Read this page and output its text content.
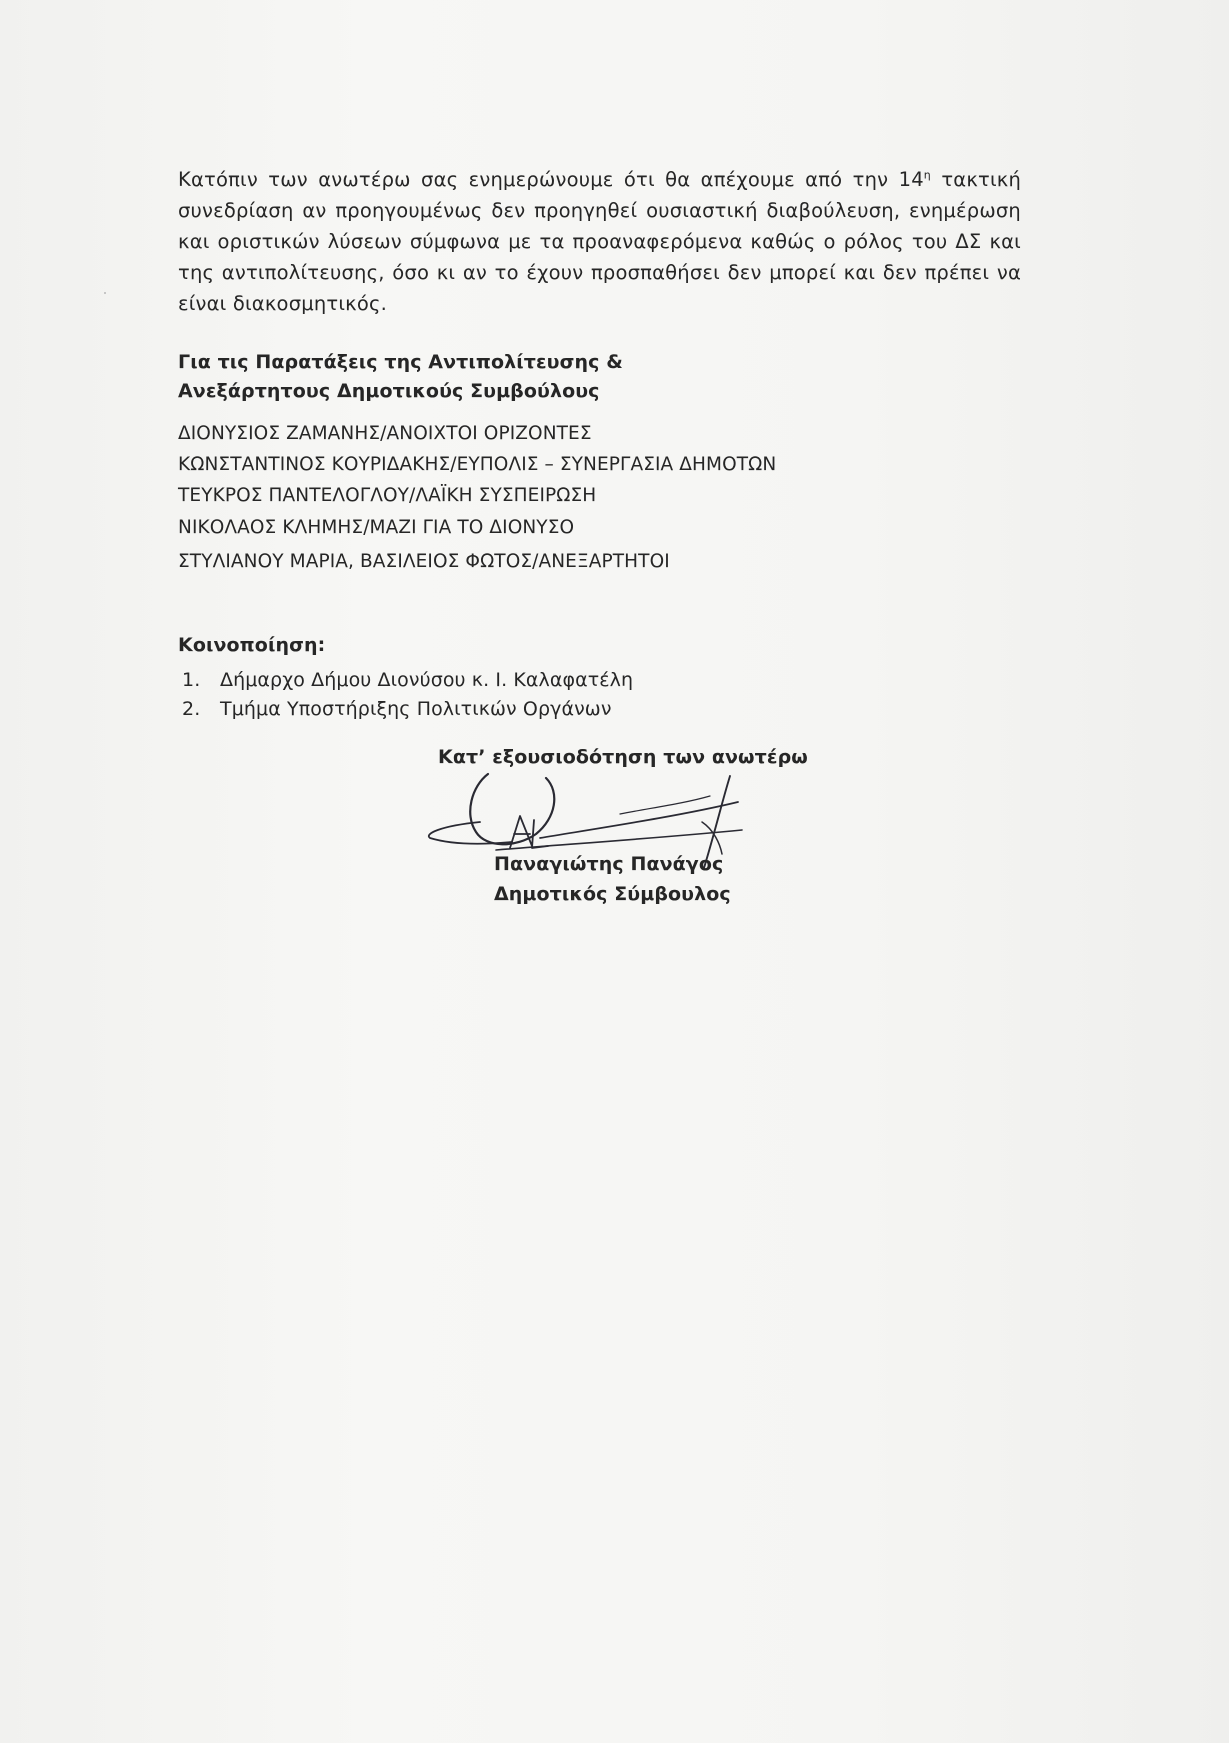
Κατόπιν των ανωτέρω σας ενημερώνουμε ότι θα απέχουμε από την $14^\eta$ τακτική συνεδρίαση αν προηγουμένως δεν προηγηθεί ουσιαστική διαβούλευση, ενημέρωση και οριστικών λύσεων σύμφωνα με τα προαναφερόμενα καθώς ο ρόλος του ΔΣ και της αντιπολίτευσης, όσο κι αν το έχουν προσπαθήσει δεν μπορεί και δεν πρέπει να είναι διακοσμητικός.

Για τις Παρατάξεις της Αντιπολίτευσης &

Ανεξάρτητους Δημοτικούς Συμβούλους

ΔΙΟΝΥΣΙΟΣ ΖΑΜΑΝΗΣ/ΑΝΟΙΧΤΟΙ ΟΡΙΖΟΝΤΕΣ

ΚΩΝΣΤΑΝΤΙΝΟΣ ΚΟΥΡΙΔΑΚΗΣ/ΕΥΠΟΛΙΣ – ΣΥΝΕΡΓΑΣΙΑ ΔΗΜΟΤΩΝ

ΤΕΥΚΡΟΣ ΠΑΝΤΕΛΟΓΛΟΥ/ΛΑΪΚΗ ΣΥΣΠΕΙΡΩΣΗ

ΝΙΚΟΛΑΟΣ ΚΛΗΜΗΣ/ΜΑΖΙ ΓΙΑ ΤΟ ΔΙΟΝΥΣΟ

ΣΤΥΛΙΑΝΟΥ ΜΑΡΙΑ, ΒΑΣΙΛΕΙΟΣ ΦΩΤΟΣ/ΑΝΕΞΑΡΤΗΤΟΙ

Κοινοποίηση:

1. Δήμαρχο Δήμου Διονύσου κ. Ι. Καλαφατέλη

2. Τμήμα Υποστήριξης Πολιτικών Οργάνων

Κατ’ εξουσιοδότηση των ανωτέρω

Παναγιώτης Πανάγος

Δημοτικός Σύμβουλος
